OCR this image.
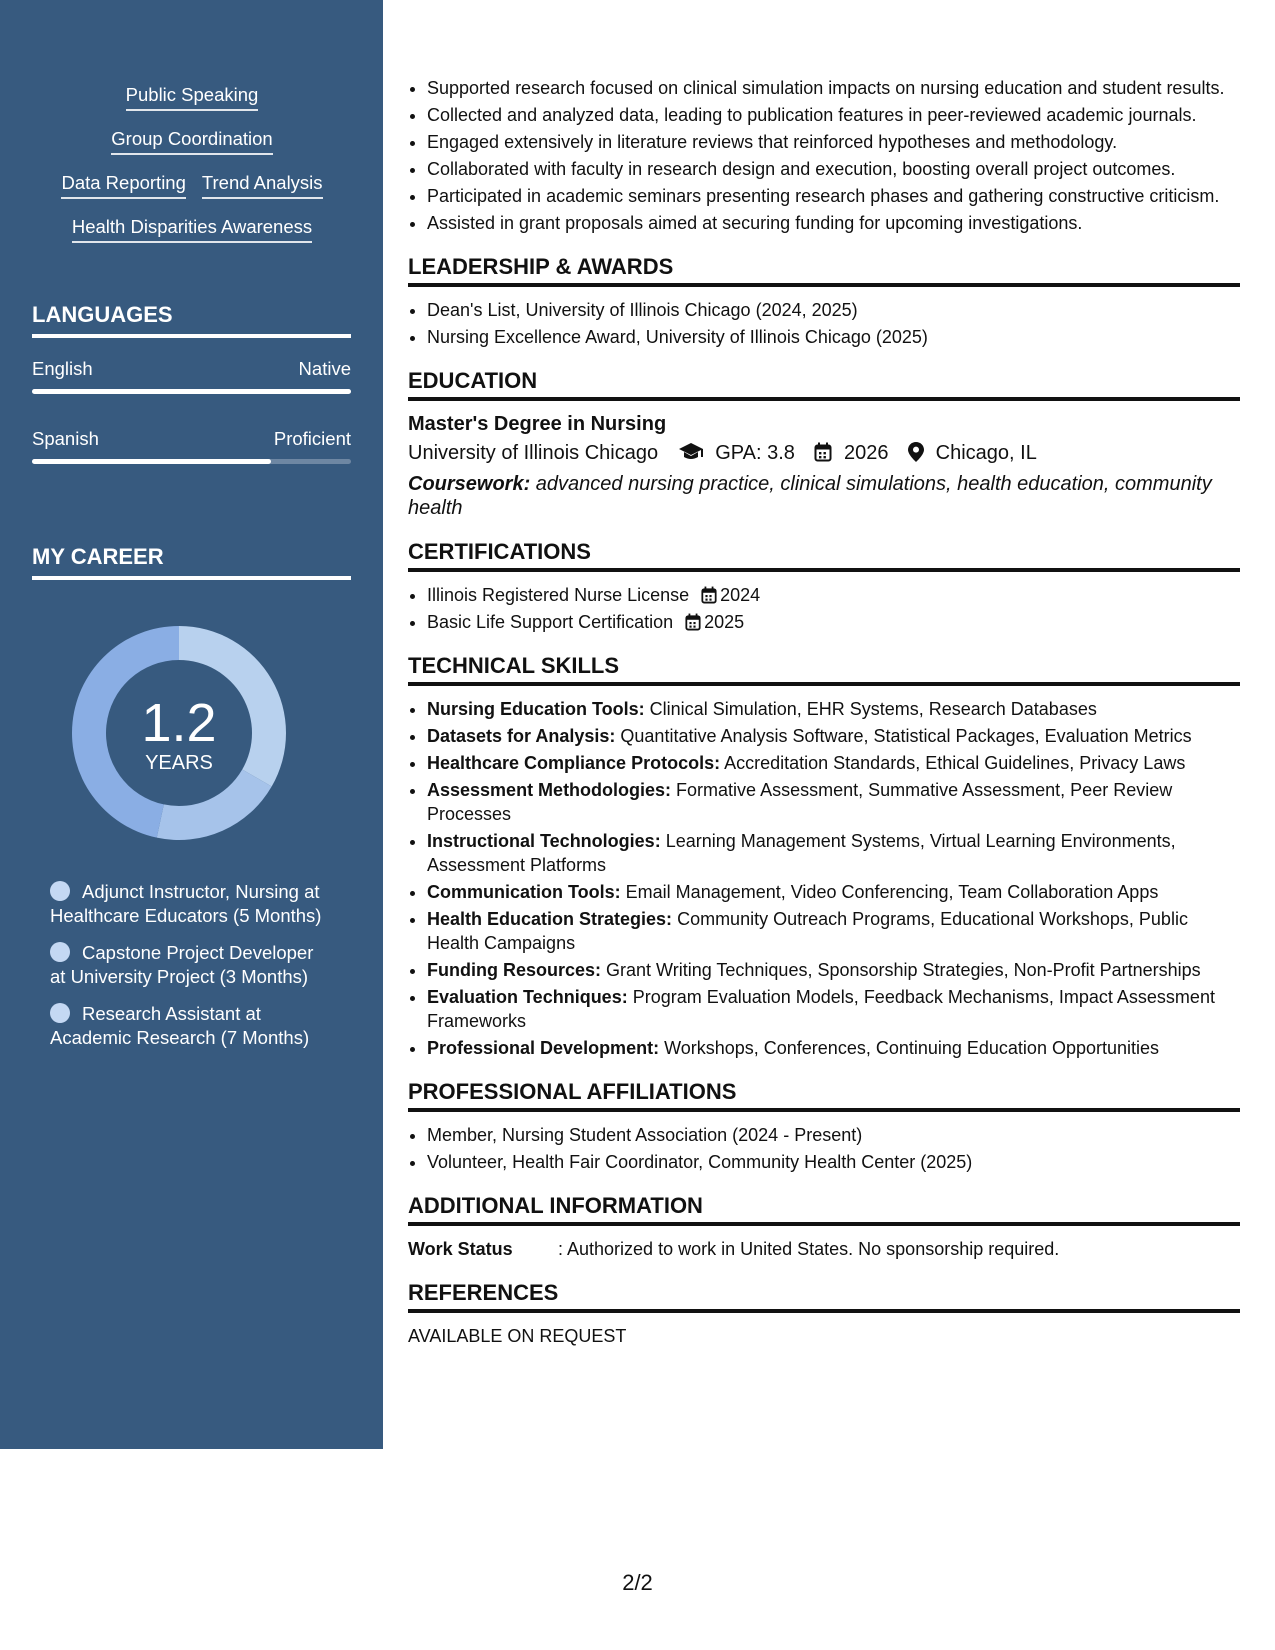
Public Speaking
Group Coordination
Data Reporting Trend Analysis
Health Disparities Awareness
LANGUAGES
English	Native
Spanish	Proficient
MY CAREER
1.2
YEARS
Adjunct Instructor, Nursing at Healthcare Educators (5 Months)
Capstone Project Developer at University Project (3 Months)
Research Assistant at Academic Research (7 Months)
• Supported research focused on clinical simulation impacts on nursing education and student results.
• Collected and analyzed data, leading to publication features in peer-reviewed academic journals.
• Engaged extensively in literature reviews that reinforced hypotheses and methodology.
• Collaborated with faculty in research design and execution, boosting overall project outcomes.
• Participated in academic seminars presenting research phases and gathering constructive criticism.
• Assisted in grant proposals aimed at securing funding for upcoming investigations.
LEADERSHIP & AWARDS
• Dean's List, University of Illinois Chicago (2024, 2025)
• Nursing Excellence Award, University of Illinois Chicago (2025)
EDUCATION
Master's Degree in Nursing
University of Illinois Chicago	GPA: 3.8 2026 Chicago, IL
Coursework: advanced nursing practice, clinical simulations, health education, community health
CERTIFICATIONS
• Illinois Registered Nurse License 2024
• Basic Life Support Certification 2025
TECHNICAL SKILLS
• Nursing Education Tools: Clinical Simulation, EHR Systems, Research Databases
• Datasets for Analysis: Quantitative Analysis Software, Statistical Packages, Evaluation Metrics
• Healthcare Compliance Protocols: Accreditation Standards, Ethical Guidelines, Privacy Laws
• Assessment Methodologies: Formative Assessment, Summative Assessment, Peer Review Processes
• Instructional Technologies: Learning Management Systems, Virtual Learning Environments, Assessment Platforms
• Communication Tools: Email Management, Video Conferencing, Team Collaboration Apps
• Health Education Strategies: Community Outreach Programs, Educational Workshops, Public Health Campaigns
• Funding Resources: Grant Writing Techniques, Sponsorship Strategies, Non-Profit Partnerships
• Evaluation Techniques: Program Evaluation Models, Feedback Mechanisms, Impact Assessment Frameworks
• Professional Development: Workshops, Conferences, Continuing Education Opportunities
PROFESSIONAL AFFILIATIONS
• Member, Nursing Student Association (2024 - Present)
• Volunteer, Health Fair Coordinator, Community Health Center (2025)
ADDITIONAL INFORMATION
Work Status	: Authorized to work in United States. No sponsorship required.
REFERENCES
AVAILABLE ON REQUEST
2/2
